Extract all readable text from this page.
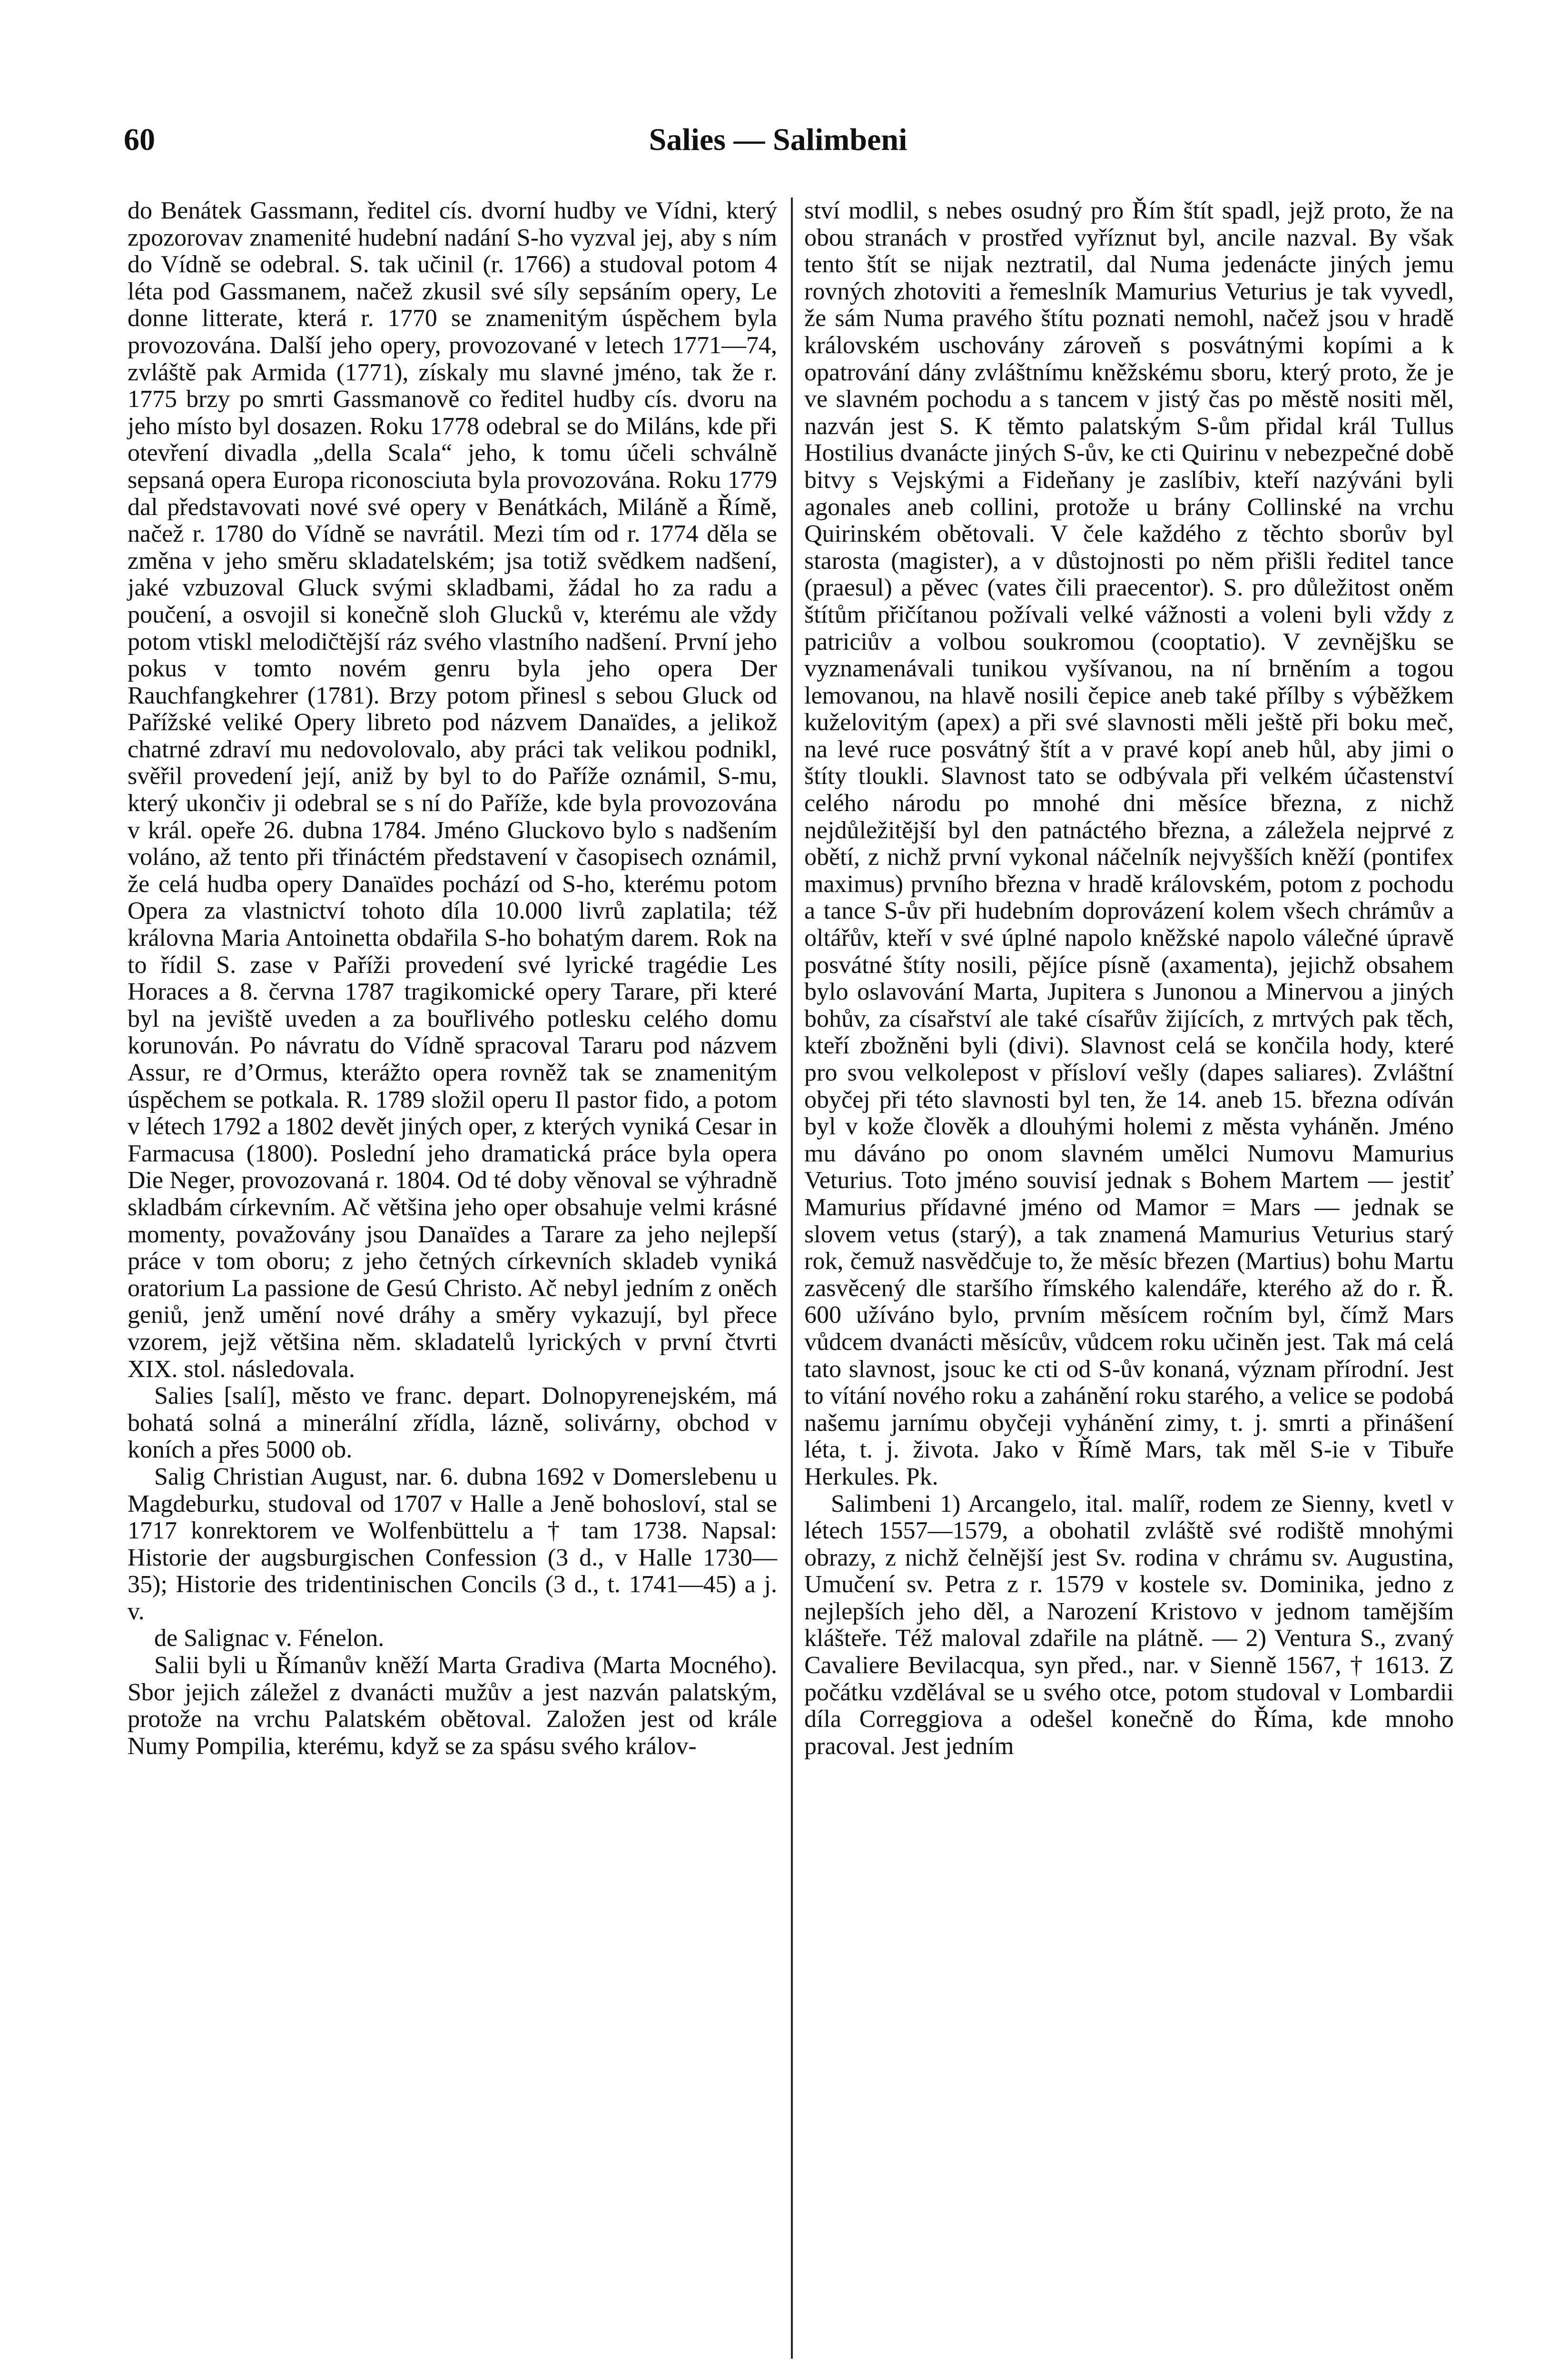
60	Salies — Salimbeni

do Benátek Gassmann, ředitel cís. dvorní hudby ve Vídni, který zpozorovav znamenité hudební nadání S-ho vyzval jej, aby s ním do Vídně se odebral. S. tak učinil (r. 1766) a studoval potom 4 léta pod Gassmanem, načež zkusil své síly sepsáním opery, Le donne litterate, která r. 1770 se znamenitým úspěchem byla provozována. Další jeho opery, provozované v letech 1771—74, zvláště pak Armida (1771), získaly mu slavné jméno, tak že r. 1775 brzy po smrti Gassmanově co ředitel hudby cís. dvoru na jeho místo byl dosazen. Roku 1778 odebral se do Miláns, kde při otevření divadla „della Scala“ jeho, k tomu účeli schválně sepsaná opera Europa riconosciuta byla provozována. Roku 1779 dal představovati nové své opery v Benátkách, Miláně a Římě, načež r. 1780 do Vídně se navrátil. Mezi tím od r. 1774 děla se změna v jeho směru skladatelském; jsa totiž svědkem nadšení, jaké vzbuzoval Gluck svými skladbami, žádal ho za radu a poučení, a osvojil si konečně sloh Glucků v, kterému ale vždy potom vtiskl melodičtější ráz svého vlastního nadšení. První jeho pokus v tomto novém genru byla jeho opera Der Rauchfangkehrer (1781). Brzy potom přinesl s sebou Gluck od Pařížské veliké Opery libreto pod názvem Danaïdes, a jelikož chatrné zdraví mu nedovolovalo, aby práci tak velikou podnikl, svěřil provedení její, aniž by byl to do Paříže oznámil, S-mu, který ukončiv ji odebral se s ní do Paříže, kde byla provozována v král. opeře 26. dubna 1784. Jméno Gluckovo bylo s nadšením voláno, až tento při třináctém představení v časopisech oznámil, že celá hudba opery Danaïdes pochází od S-ho, kterému potom Opera za vlastnictví tohoto díla 10.000 livrů zaplatila; též královna Maria Antoinetta obdařila S-ho bohatým darem. Rok na to řídil S. zase v Paříži provedení své lyrické tragédie Les Horaces a 8. června 1787 tragikomické opery Tarare, při které byl na jeviště uveden a za bouřlivého potlesku celého domu korunován. Po návratu do Vídně spracoval Tararu pod názvem Assur, re d’Ormus, kterážto opera rovněž tak se znamenitým úspěchem se potkala. R. 1789 složil operu Il pastor fido, a potom v létech 1792 a 1802 devět jiných oper, z kterých vyniká Cesar in Farmacusa (1800). Poslední jeho dramatická práce byla opera Die Neger, provozovaná r. 1804. Od té doby věnoval se výhradně skladbám církevním. Ač většina jeho oper obsahuje velmi krásné momenty, považovány jsou Danaïdes a Tarare za jeho nejlepší práce v tom oboru; z jeho četných církevních skladeb vyniká oratorium La passione de Gesú Christo. Ač nebyl jedním z oněch geniů, jenž umění nové dráhy a směry vykazují, byl přece vzorem, jejž většina něm. skladatelů lyrických v první čtvrti XIX. stol. následovala.

Salies [salí], město ve franc. depart. Dolnopyrenejském, má bohatá solná a minerální zřídla, lázně, solivárny, obchod v koních a přes 5000 ob.

Salig Christian August, nar. 6. dubna 1692 v Domerslebenu u Magdeburku, studoval od 1707 v Halle a Jeně bohosloví, stal se 1717 konrektorem ve Wolfenbüttelu a † tam 1738. Napsal: Historie der augsburgischen Confession (3 d., v Halle 1730—35); Historie des tridentinischen Concils (3 d., t. 1741—45) a j. v.

de Salignac v. Fénelon.

Salii byli u Římanův kněží Marta Gradiva (Marta Mocného). Sbor jejich záležel z dvanácti mužův a jest nazván palatským, protože na vrchu Palatském obětoval. Založen jest od krále Numy Pompilia, kterému, když se za spásu svého králov-

ství modlil, s nebes osudný pro Řím štít spadl, jejž proto, že na obou stranách v prostřed vyříznut byl, ancile nazval. By však tento štít se nijak neztratil, dal Numa jedenácte jiných jemu rovných zhotoviti a řemeslník Mamurius Veturius je tak vyvedl, že sám Numa pravého štítu poznati nemohl, načež jsou v hradě královském uschovány zároveň s posvátnými kopími a k opatrování dány zvláštnímu kněžskému sboru, který proto, že je ve slavném pochodu a s tancem v jistý čas po městě nositi měl, nazván jest S. K těmto palatským S-ům přidal král Tullus Hostilius dvanácte jiných S-ův, ke cti Quirinu v nebezpečné době bitvy s Vejskými a Fideňany je zaslíbiv, kteří nazýváni byli agonales aneb collini, protože u brány Collinské na vrchu Quirinském obětovali. V čele každého z těchto sborův byl starosta (magister), a v důstojnosti po něm přišli ředitel tance (praesul) a pěvec (vates čili praecentor). S. pro důležitost oněm štítům přičítanou požívali velké vážnosti a voleni byli vždy z patriciův a volbou soukromou (cooptatio). V zevnějšku se vyznamenávali tunikou vyšívanou, na ní brněním a togou lemovanou, na hlavě nosili čepice aneb také přílby s výběžkem kuželovitým (apex) a při své slavnosti měli ještě při boku meč, na levé ruce posvátný štít a v pravé kopí aneb hůl, aby jimi o štíty tloukli. Slavnost tato se odbývala při velkém účastenství celého národu po mnohé dni měsíce března, z nichž nejdůležitější byl den patnáctého března, a záleželа nejprvé z obětí, z nichž první vykonal náčelník nejvyšších kněží (pontifex maximus) prvního března v hradě královském, potom z pochodu a tance S-ův při hudebním doprovázení kolem všech chrámův a oltářův, kteří v své úplné napolo kněžské napolo válečné úpravě posvátné štíty nosili, pějíce písně (axamenta), jejichž obsahem bylo oslavování Marta, Jupitera s Junonou a Minervou a jiných bohův, za císařství ale také císařův žijících, z mrtvých pak těch, kteří zbožněni byli (divi). Slavnost celá se končila hody, které pro svou velkolepost v přísloví vešly (dapes saliares). Zvláštní obyčej při této slavnosti byl ten, že 14. aneb 15. března odíván byl v kože člověk a dlouhými holemi z města vyháněn. Jméno mu dáváno po onom slavném umělci Numovu Mamurius Veturius. Toto jméno souvisí jednak s Bohem Martem — jestiť Mamurius přídavné jméno od Mamor = Mars — jednak se slovem vetus (starý), a tak znamená Mamurius Veturius starý rok, čemuž nasvědčuje to, že měsíc březen (Martius) bohu Martu zasvěcený dle staršího římského kalendáře, kterého až do r. Ř. 600 užíváno bylo, prvním měsícem ročním byl, čímž Mars vůdcem dvanácti měsícův, vůdcem roku učiněn jest. Tak má celá tato slavnost, jsouc ke cti od S-ův konaná, význam přírodní. Jest to vítání nového roku a zahánění roku starého, a velice se podobá našemu jarnímu obyčeji vyhánění zimy, t. j. smrti a přinášení léta, t. j. života. Jako v Římě Mars, tak měl S-ie v Tibuře Herkules. Pk.

Salimbeni 1) Arcangelo, ital. malíř, rodem ze Sienny, kvetl v létech 1557—1579, a obohatil zvláště své rodiště mnohými obrazy, z nichž čelnější jest Sv. rodina v chrámu sv. Augustina, Umučení sv. Petra z r. 1579 v kostele sv. Dominika, jedno z nejlepších jeho děl, a Narození Kristovo v jednom tamějším klášteře. Též maloval zdařile na plátně. — 2) Ventura S., zvaný Cavaliere Bevilacqua, syn před., nar. v Sienně 1567, † 1613. Z počátku vzdělával se u svého otce, potom studoval v Lombardii díla Correggiova a odešel konečně do Říma, kde mnoho pracoval. Jest jedním
